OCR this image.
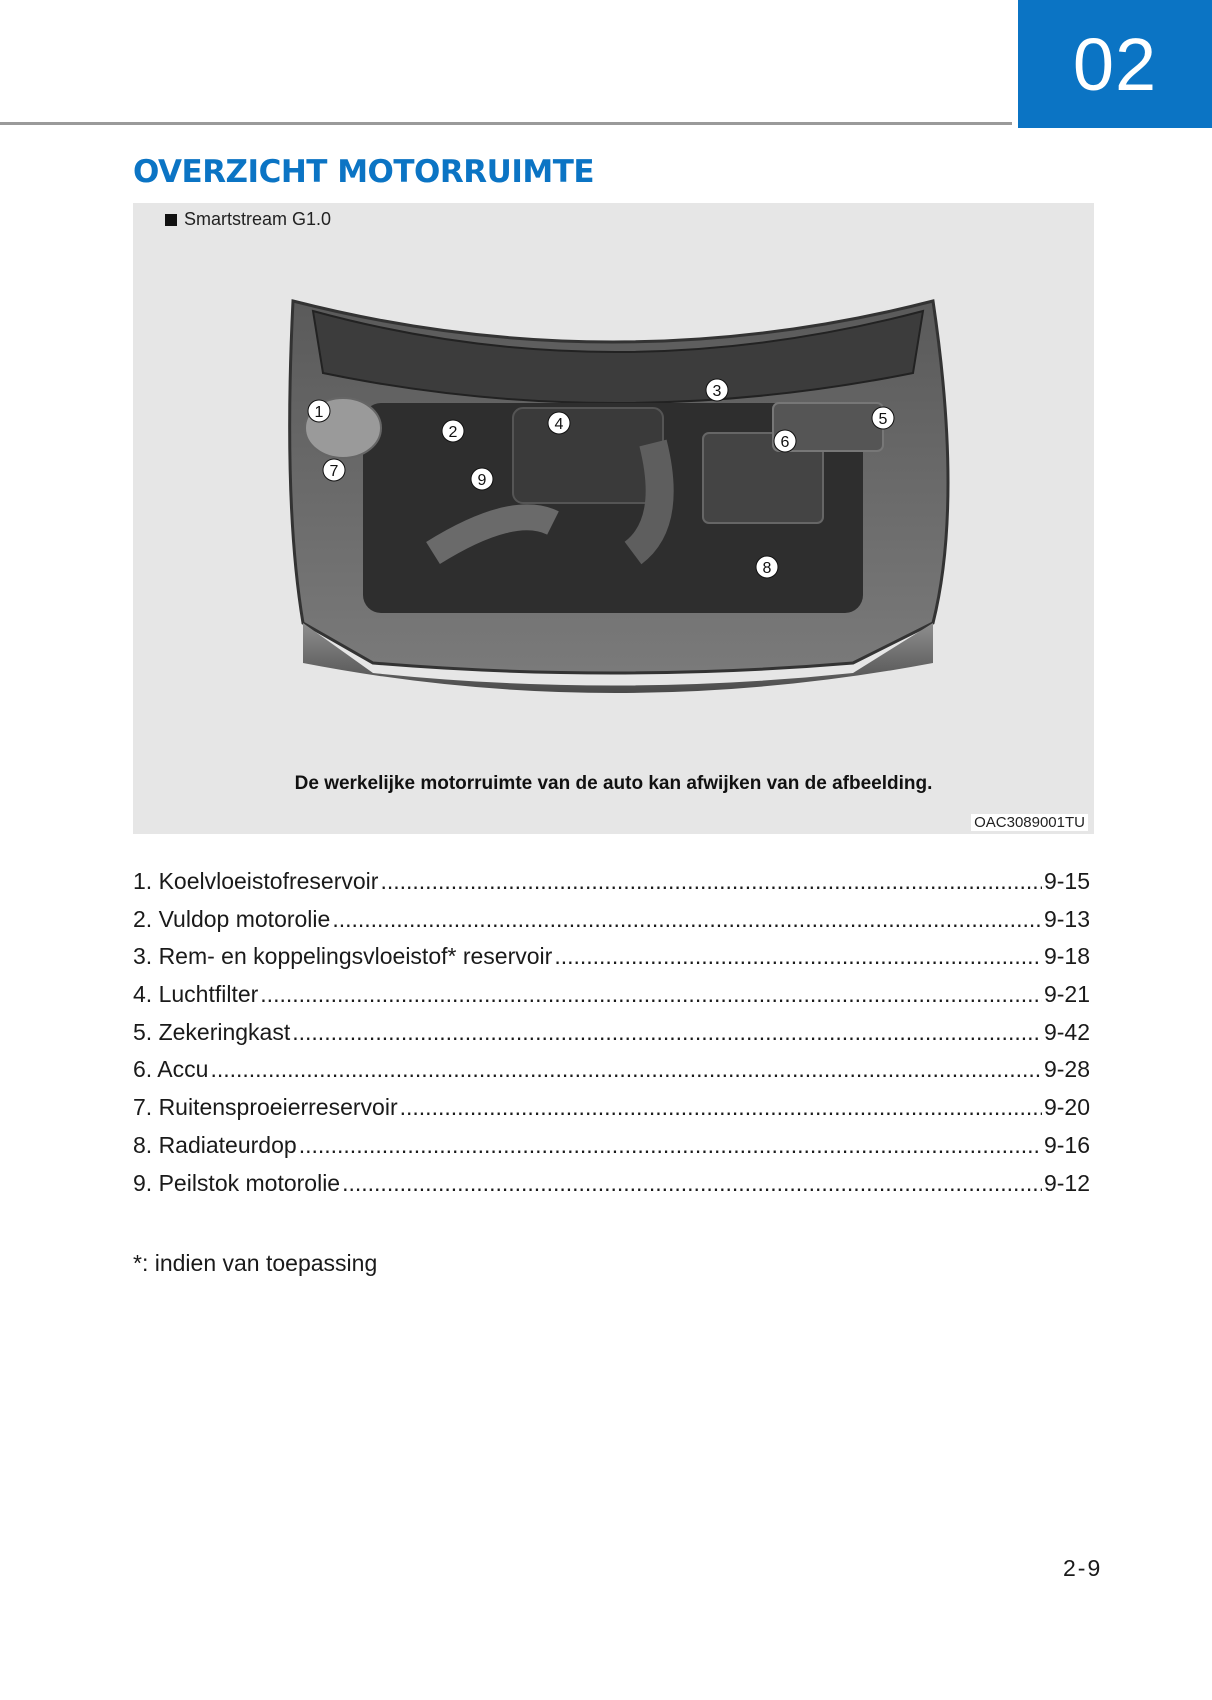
02
OVERZICHT MOTORRUIMTE
Smartstream G1.0
1
2
3
4	5
6
7
8
9
De werkelijke motorruimte van de auto kan afwijken van de afbeelding.
OAC3089001TU
1. Koelvloeistofreservoir .....	9-15
2. Vuldop motorolie .....	9-13
3. Rem- en koppelingsvloeistof* reservoir .....	9-18
4. Luchtfilter .....	9-21
5. Zekeringkast .....	9-42
6. Accu .....	9-28
7. Ruitensproeierreservoir .....	9-20
8. Radiateurdop .....	9-16
9. Peilstok motorolie .....	9-12

*: indien van toepassing

2-9
